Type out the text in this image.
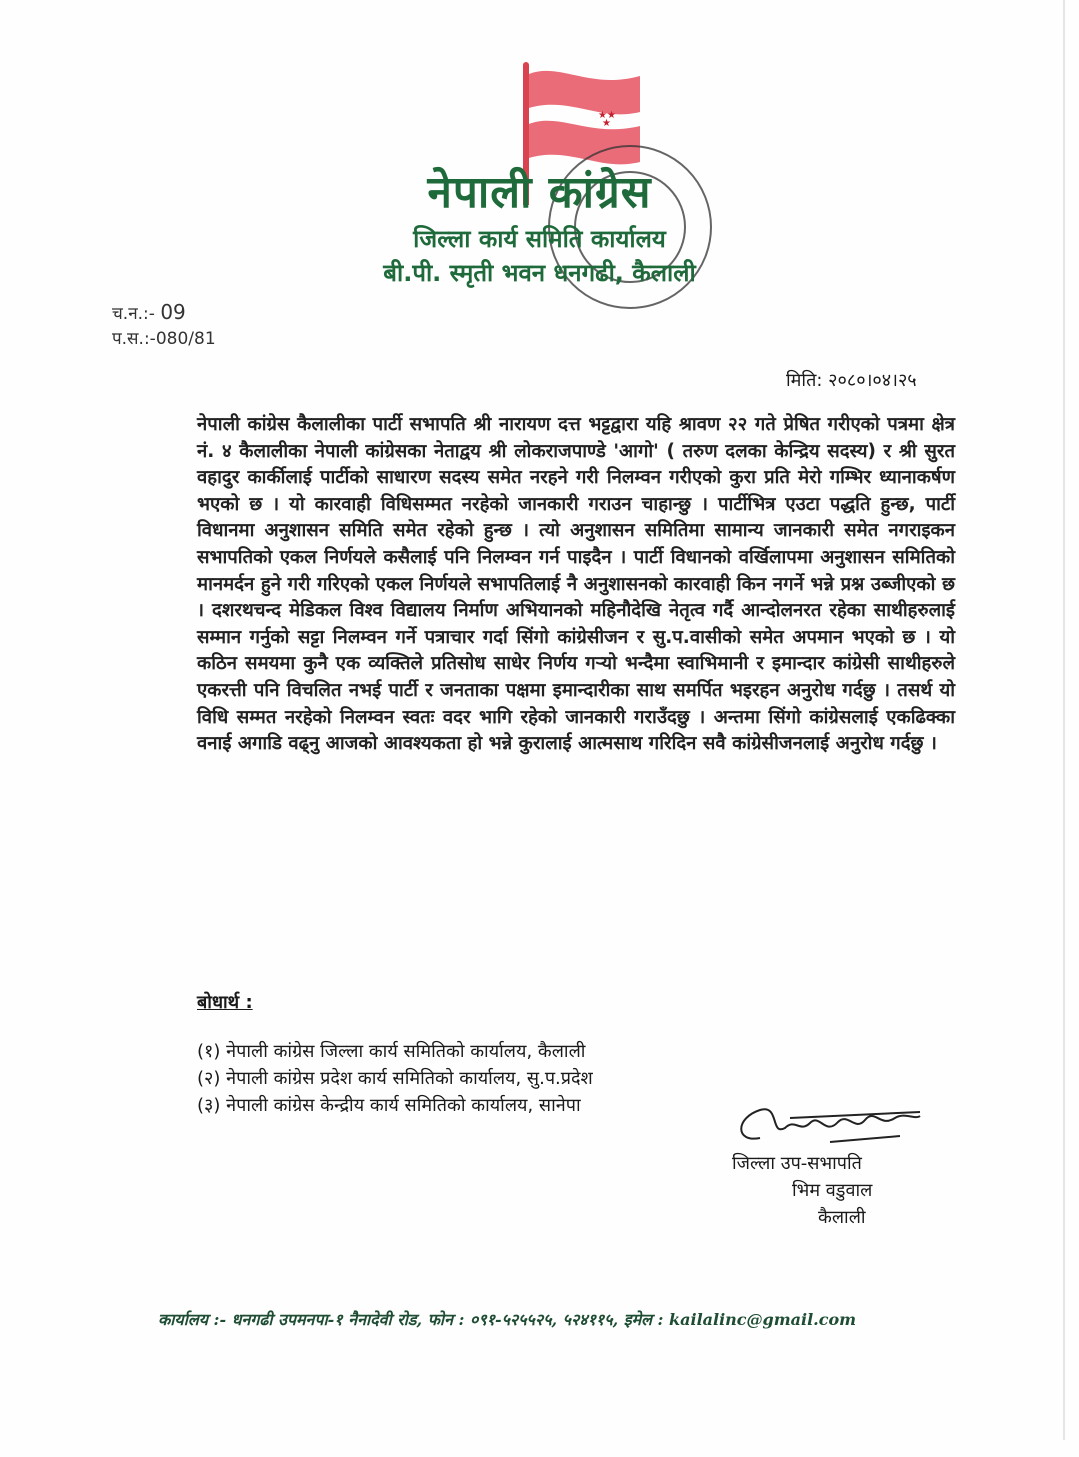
★★
★
नेपाली कांग्रेस
जिल्ला कार्य समिति कार्यालय
बी.पी. स्मृती भवन धनगढी, कैलाली
च.न.:- 09
प.स.:-080/81
मिति: २०८०।०४।२५
नेपाली कांग्रेस कैलालीका पार्टी सभापति श्री नारायण दत्त भट्टद्वारा यहि श्रावण २२ गते प्रेषित गरीएको पत्रमा क्षेत्र नं. ४ कैलालीका नेपाली कांग्रेसका नेताद्वय श्री लोकराजपाण्डे 'आगो' ( तरुण दलका केन्द्रिय सदस्य) र श्री सुरत वहादुर कार्कीलाई पार्टीको साधारण सदस्य समेत नरहने गरी निलम्वन गरीएको कुरा प्रति मेरो गम्भिर ध्यानाकर्षण भएको छ । यो कारवाही विधिसम्मत नरहेको जानकारी गराउन चाहान्छु । पार्टीभित्र एउटा पद्धति हुन्छ, पार्टी विधानमा अनुशासन समिति समेत रहेको हुन्छ । त्यो अनुशासन समितिमा सामान्य जानकारी समेत नगराइकन सभापतिको एकल निर्णयले कसैलाई पनि निलम्वन गर्न पाइदैन । पार्टी विधानको वर्खिलापमा अनुशासन समितिको मानमर्दन हुने गरी गरिएको एकल निर्णयले सभापतिलाई नै अनुशासनको कारवाही किन नगर्ने भन्ने प्रश्न उब्जीएको छ । दशरथचन्द मेडिकल विश्व विद्यालय निर्माण अभियानको महिनौदेखि नेतृत्व गर्दै आन्दोलनरत रहेका साथीहरुलाई सम्मान गर्नुको सट्टा निलम्वन गर्ने पत्राचार गर्दा सिंगो कांग्रेसीजन र सु.प.वासीको समेत अपमान भएको छ । यो कठिन समयमा कुनै एक व्यक्तिले प्रतिसोध साधेर निर्णय गर्‍यो भन्दैमा स्वाभिमानी र इमान्दार कांग्रेसी साथीहरुले एकरत्ती पनि विचलित नभई पार्टी र जनताका पक्षमा इमान्दारीका साथ समर्पित भइरहन अनुरोध गर्दछु । तसर्थ यो विधि सम्मत नरहेको निलम्वन स्वतः वदर भागि रहेको जानकारी गराउँदछु । अन्तमा सिंगो कांग्रेसलाई एकढिक्का वनाई अगाडि वढ्नु आजको आवश्यकता हो भन्ने कुरालाई आत्मसाथ गरिदिन सवै कांग्रेसीजनलाई अनुरोध गर्दछु ।
बोधार्थ :
(१) नेपाली कांग्रेस जिल्ला कार्य समितिको कार्यालय, कैलाली
(२) नेपाली कांग्रेस प्रदेश कार्य समितिको कार्यालय, सु.प.प्रदेश
(३) नेपाली कांग्रेस केन्द्रीय कार्य समितिको कार्यालय, सानेपा
जिल्ला उप-सभापति
भिम वडुवाल
कैलाली
कार्यालय :- धनगढी उपमनपा-१ नैनादेवी रोड, फोन : ०९१-५२५५२५, ५२४११५, इमेल : kailalinc@gmail.com
